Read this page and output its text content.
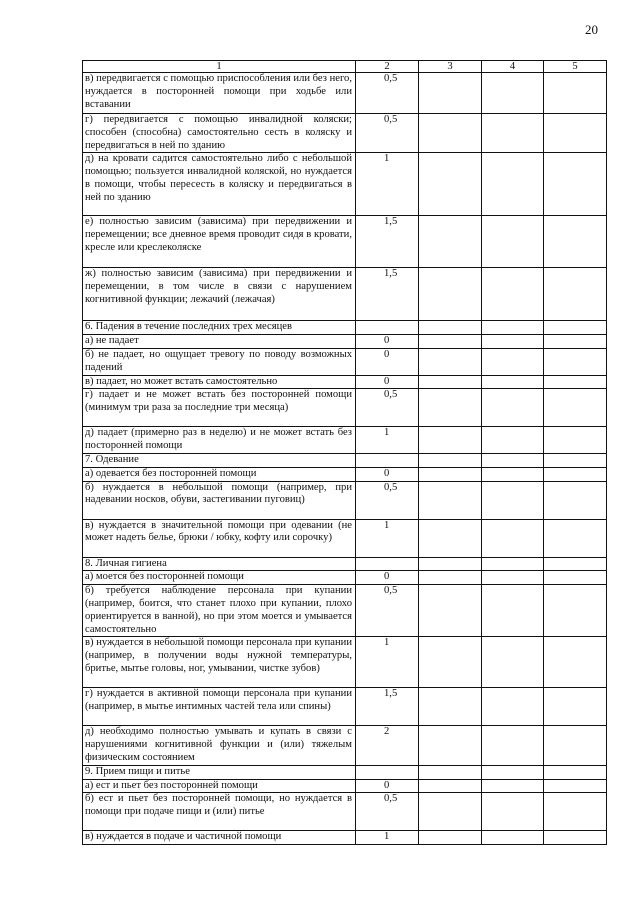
20
1	2	3	4	5
в) передвигается с помощью приспособления или без него, нуждается в посторонней помощи при ходьбе или вставании	0,5			
г) передвигается с помощью инвалидной коляски; способен (способна) самостоятельно сесть в коляску и передвигаться в ней по зданию	0,5			
д) на кровати садится самостоятельно либо с небольшой помощью; пользуется инвалидной коляской, но нуждается в помощи, чтобы пересесть в коляску и передвигаться в ней по зданию	1			
е) полностью зависим (зависима) при передвижении и перемещении; все дневное время проводит сидя в кровати, кресле или креслеколяске	1,5			
ж) полностью зависим (зависима) при передвижении и перемещении, в том числе в связи с нарушением когнитивной функции; лежачий (лежачая)	1,5			
6. Падения в течение последних трех месяцев				
а) не падает	0			
б) не падает, но ощущает тревогу по поводу возможных падений	0			
в) падает, но может встать самостоятельно	0			
г) падает и не может встать без посторонней помощи (минимум три раза за последние три месяца)	0,5			
д) падает (примерно раз в неделю) и не может встать без посторонней помощи	1			
7. Одевание				
а) одевается без посторонней помощи	0			
б) нуждается в небольшой помощи (например, при надевании носков, обуви, застегивании пуговиц)	0,5			
в) нуждается в значительной помощи при одевании (не может надеть белье, брюки / юбку, кофту или сорочку)	1			
8. Личная гигиена				
а) моется без посторонней помощи	0			
б) требуется наблюдение персонала при купании (например, боится, что станет плохо при купании, плохо ориентируется в ванной), но при этом моется и умывается самостоятельно	0,5			
в) нуждается в небольшой помощи персонала при купании (например, в получении воды нужной температуры, бритье, мытье головы, ног, умывании, чистке зубов)	1			
г) нуждается в активной помощи персонала при купании (например, в мытье интимных частей тела или спины)	1,5			
д) необходимо полностью умывать и купать в связи с нарушениями когнитивной функции и (или) тяжелым физическим состоянием	2			
9. Прием пищи и питье				
а) ест и пьет без посторонней помощи	0			
б) ест и пьет без посторонней помощи, но нуждается в помощи при подаче пищи и (или) питье	0,5			
в) нуждается в подаче и частичной помощи	1			
